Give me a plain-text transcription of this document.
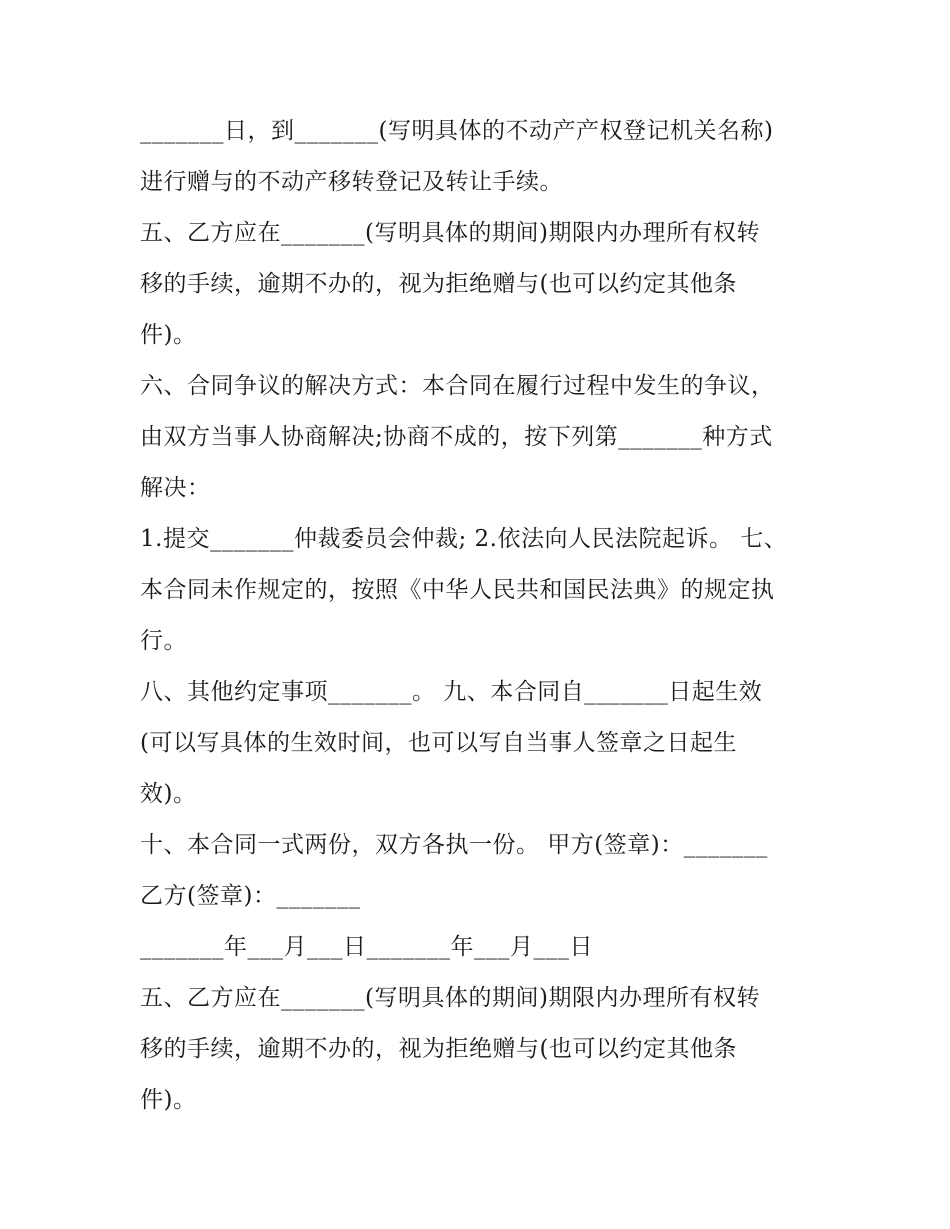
_______日，到_______(写明具体的不动产产权登记机关名称)
进行赠与的不动产移转登记及转让手续。
五、乙方应在_______(写明具体的期间)期限内办理所有权转
移的手续，逾期不办的，视为拒绝赠与(也可以约定其他条
件)。
六、合同争议的解决方式：本合同在履行过程中发生的争议，
由双方当事人协商解决;协商不成的，按下列第_______种方式
解决：
1.提交_______仲裁委员会仲裁; 2.依法向人民法院起诉。 七、
本合同未作规定的，按照《中华人民共和国民法典》的规定执
行。
八、其他约定事项_______。 九、本合同自_______日起生效
(可以写具体的生效时间，也可以写自当事人签章之日起生
效)。
十、本合同一式两份，双方各执一份。 甲方(签章)：_______
乙方(签章)：_______
_______年___月___日_______年___月___日
五、乙方应在_______(写明具体的期间)期限内办理所有权转
移的手续，逾期不办的，视为拒绝赠与(也可以约定其他条
件)。
